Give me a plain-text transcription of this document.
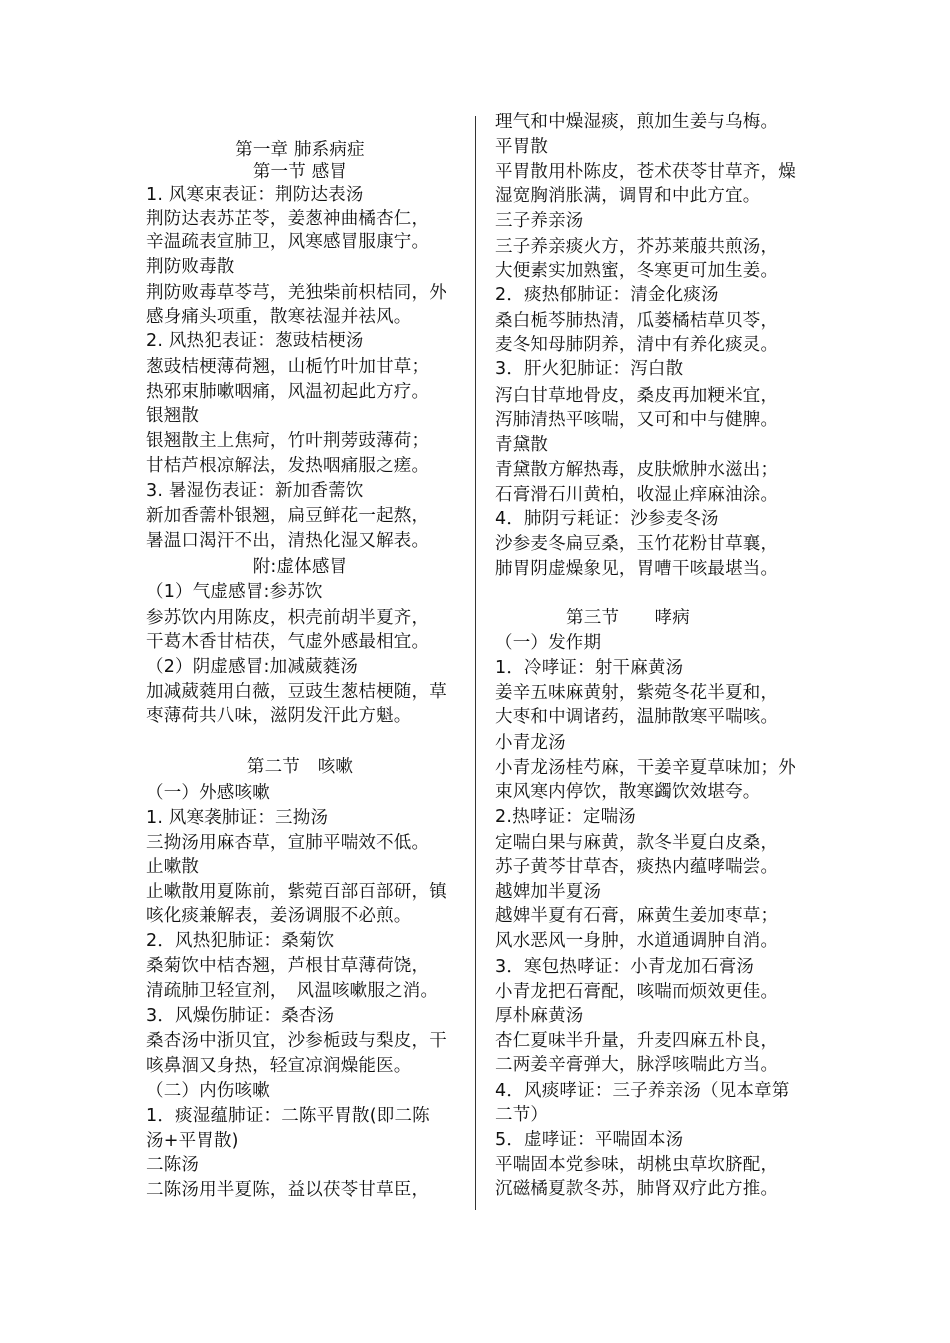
第一章 肺系病症
第一节 感冒
1. 风寒束表证：荆防达表汤
荆防达表苏芷苓，姜葱神曲橘杏仁，
辛温疏表宣肺卫，风寒感冒服康宁。
荆防败毒散
荆防败毒草苓芎，羌独柴前枳桔同，外
感身痛头项重，散寒祛湿并祛风。
2. 风热犯表证：葱豉桔梗汤
葱豉桔梗薄荷翘，山栀竹叶加甘草；
热邪束肺嗽咽痛，风温初起此方疗。
银翘散
银翘散主上焦疴，竹叶荆蒡豉薄荷；
甘桔芦根凉解法，发热咽痛服之瘥。
3. 暑湿伤表证：新加香薷饮
新加香薷朴银翘，扁豆鲜花一起熬，
暑温口渴汗不出，清热化湿又解表。
附:虚体感冒
（1）气虚感冒:参苏饮
参苏饮内用陈皮，枳壳前胡半夏齐，
干葛木香甘桔茯，气虚外感最相宜。
（2）阴虚感冒:加减葳蕤汤
加减葳蕤用白薇，豆豉生葱桔梗随，草
枣薄荷共八味，滋阴发汗此方魁。
第二节　咳嗽
（一）外感咳嗽
1. 风寒袭肺证：三拗汤
三拗汤用麻杏草，宣肺平喘效不低。
止嗽散
止嗽散用夏陈前，紫菀百部百部研，镇
咳化痰兼解表，姜汤调服不必煎。
2．风热犯肺证：桑菊饮
桑菊饮中桔杏翘，芦根甘草薄荷饶，
清疏肺卫轻宣剂，　风温咳嗽服之消。
3．风燥伤肺证：桑杏汤
桑杏汤中浙贝宜，沙参栀豉与梨皮，干
咳鼻涸又身热，轻宣凉润燥能医。
（二）内伤咳嗽
1．痰湿蕴肺证：二陈平胃散(即二陈
汤+平胃散)
二陈汤
二陈汤用半夏陈，益以茯苓甘草臣，
理气和中燥湿痰，煎加生姜与乌梅。
平胃散
平胃散用朴陈皮，苍术茯苓甘草齐，燥
湿宽胸消胀满，调胃和中此方宜。
三子养亲汤
三子养亲痰火方，芥苏莱菔共煎汤，
大便素实加熟蜜，冬寒更可加生姜。
2．痰热郁肺证：清金化痰汤
桑白栀芩肺热清，瓜蒌橘桔草贝苓，
麦冬知母肺阴养，清中有养化痰灵。
3．肝火犯肺证：泻白散
泻白甘草地骨皮，桑皮再加粳米宜，
泻肺清热平咳喘，又可和中与健脾。
青黛散
青黛散方解热毒，皮肤焮肿水滋出；
石膏滑石川黄柏，收湿止痒麻油涂。
4．肺阴亏耗证：沙参麦冬汤
沙参麦冬扁豆桑，玉竹花粉甘草襄，
肺胃阴虚燥象见，胃嘈干咳最堪当。
第三节　　哮病
（一）发作期
1．冷哮证：射干麻黄汤
姜辛五味麻黄射，紫菀冬花半夏和，
大枣和中调诸药，温肺散寒平喘咳。
小青龙汤
小青龙汤桂芍麻，干姜辛夏草味加；外
束风寒内停饮，散寒蠲饮效堪夸。
2.热哮证：定喘汤
定喘白果与麻黄，款冬半夏白皮桑，
苏子黄芩甘草杏，痰热内蕴哮喘尝。
越婢加半夏汤
越婢半夏有石膏，麻黄生姜加枣草；
风水恶风一身肿，水道通调肿自消。
3．寒包热哮证：小青龙加石膏汤
小青龙把石膏配，咳喘而烦效更佳。
厚朴麻黄汤
杏仁夏味半升量，升麦四麻五朴良，
二两姜辛膏弹大，脉浮咳喘此方当。
4．风痰哮证：三子养亲汤（见本章第
二节）
5．虚哮证：平喘固本汤
平喘固本党参味，胡桃虫草坎脐配，
沉磁橘夏款冬苏，肺肾双疗此方推。
